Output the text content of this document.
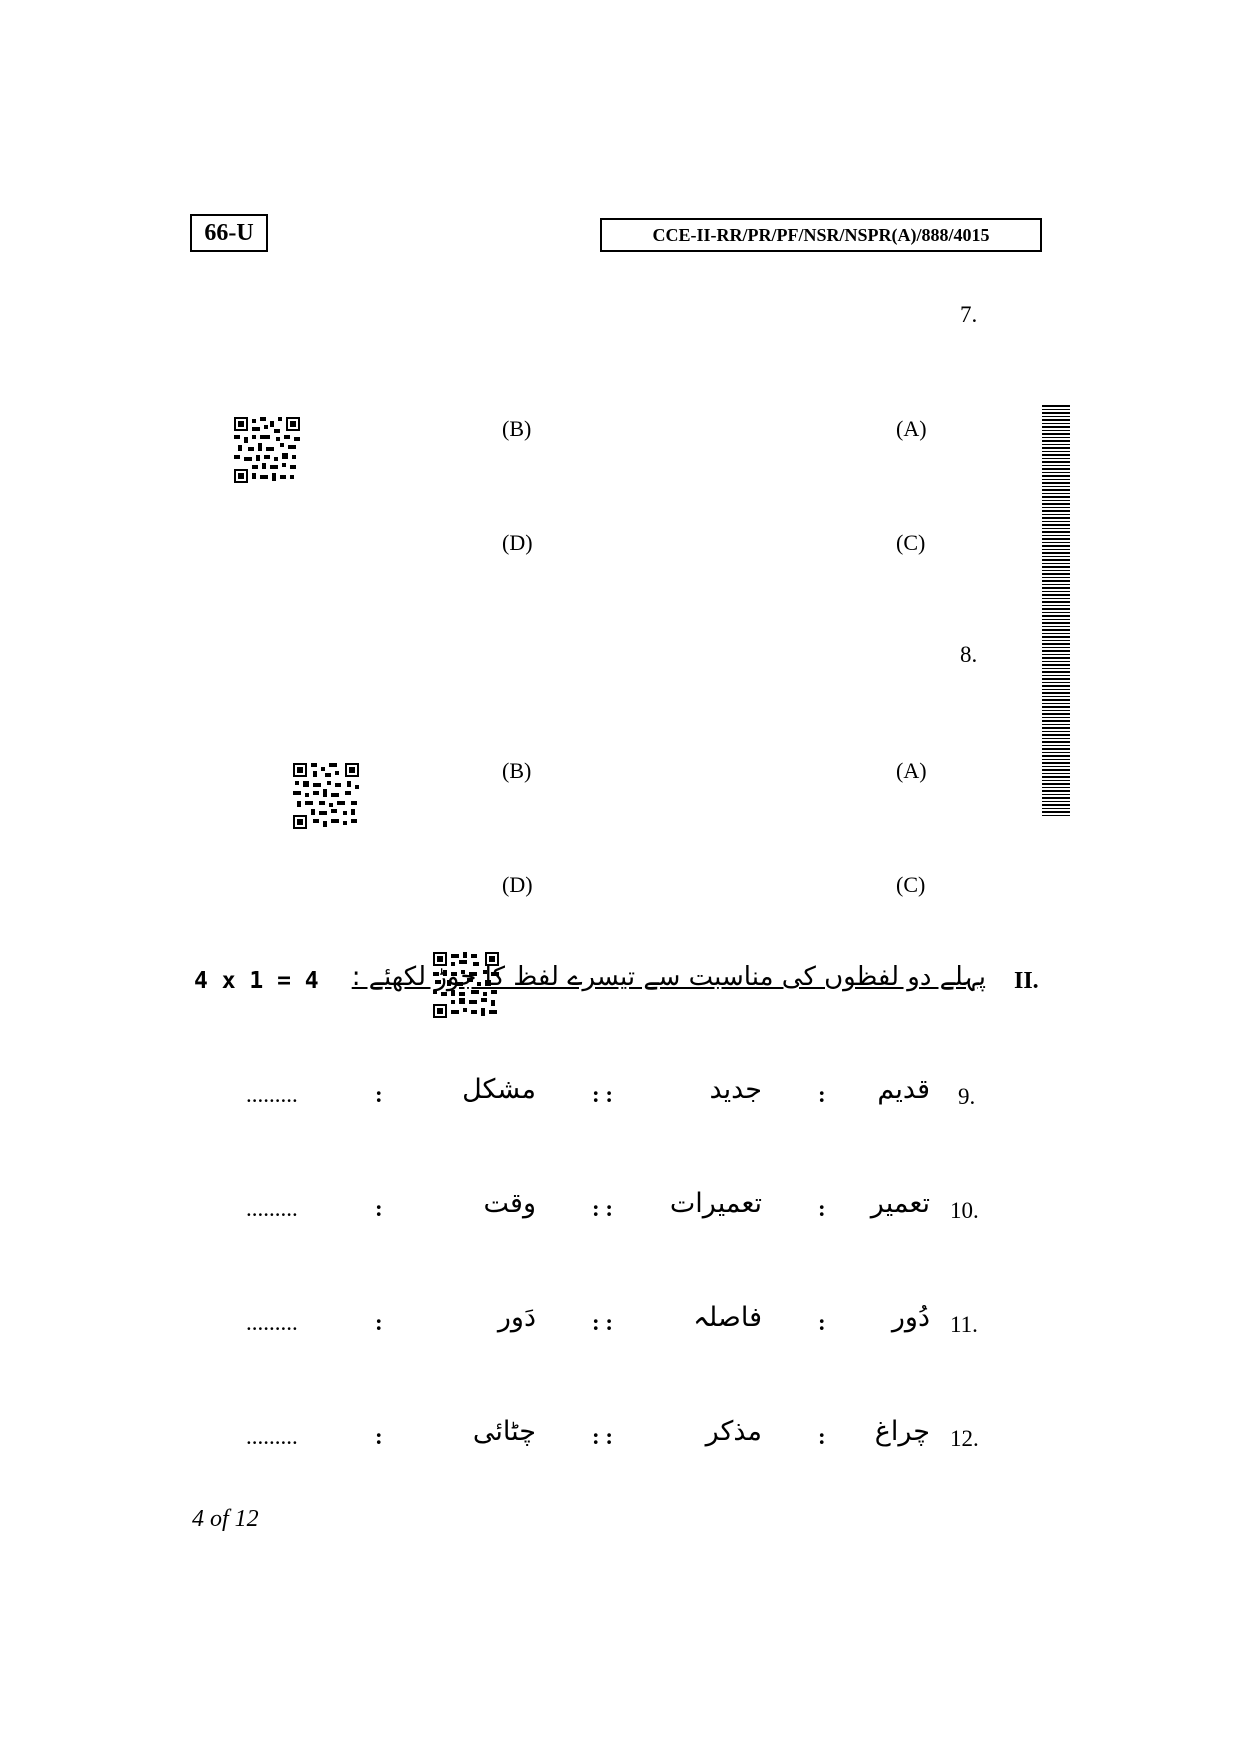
66-U	CCE-II-RR/PR/PF/NSR/NSPR(A)/888/4015
7.
(A)
(B)
(C)
(D)
8.
(A)
(B)
(C)
(D)
II.
پہلے دو لفظوں کی مناسبت سے تیسرے لفظ کا جوڑ لکھئے :
4 x 1 = 4
9.
قدیم
:
جدید
: :
مشکل
:
.........
10.
تعمیر
:
تعمیرات
: :
وقت
:
.........
11.
دُور
:
فاصلہ
: :
دَور
:
.........
12.
چراغ
:
مذکر
: :
چٹائی
:
.........
4 of 12
